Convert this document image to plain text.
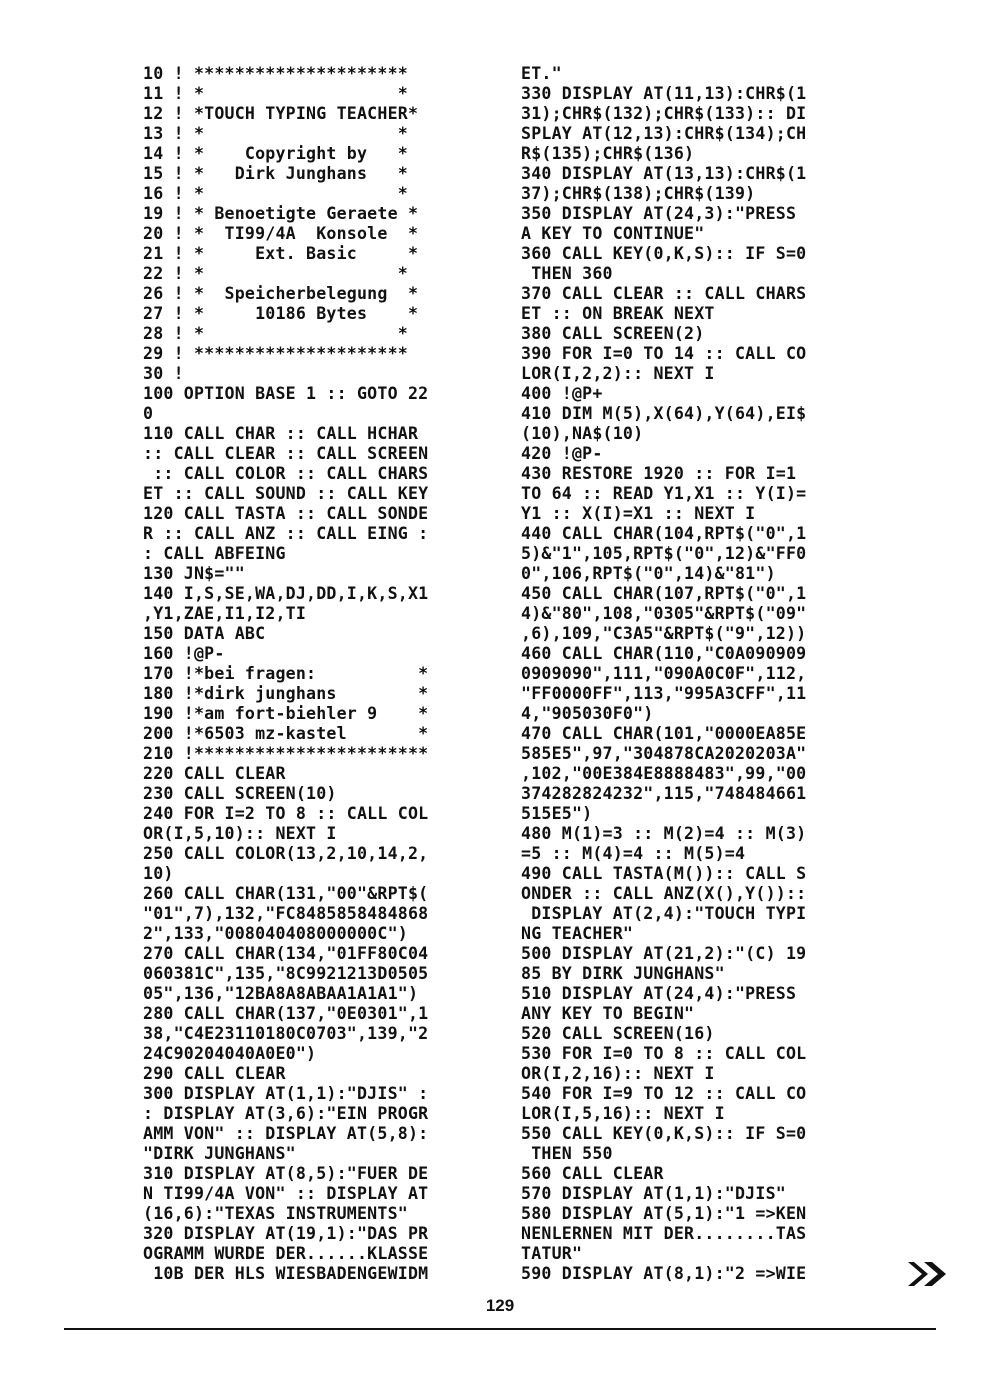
10 ! *********************
11 ! *                   *
12 ! *TOUCH TYPING TEACHER*
13 ! *                   *
14 ! *    Copyright by   *
15 ! *   Dirk Junghans   *
16 ! *                   *
19 ! * Benoetigte Geraete *
20 ! *  TI99/4A  Konsole  *
21 ! *     Ext. Basic     *
22 ! *                   *
26 ! *  Speicherbelegung  *
27 ! *     10186 Bytes    *
28 ! *                   *
29 ! *********************
30 !
100 OPTION BASE 1 :: GOTO 22
0
110 CALL CHAR :: CALL HCHAR
:: CALL CLEAR :: CALL SCREEN
:: CALL COLOR :: CALL CHARS
ET :: CALL SOUND :: CALL KEY
120 CALL TASTA :: CALL SONDE
R :: CALL ANZ :: CALL EING :
: CALL ABFEING
130 JN$=""
140 I,S,SE,WA,DJ,DD,I,K,S,X1
,Y1,ZAE,I1,I2,TI
150 DATA ABC
160 !@P-
170 !*bei fragen:          *
180 !*dirk junghans        *
190 !*am fort-biehler 9    *
200 !*6503 mz-kastel       *
210 !***********************
220 CALL CLEAR
230 CALL SCREEN(10)
240 FOR I=2 TO 8 :: CALL COL
OR(I,5,10):: NEXT I
250 CALL COLOR(13,2,10,14,2,
10)
260 CALL CHAR(131,"00"&RPT$(
"01",7),132,"FC8485858484868
2",133,"008040408000000C")
270 CALL CHAR(134,"01FF80C04
060381C",135,"8C9921213D0505
05",136,"12BA8A8ABAA1A1A1")
280 CALL CHAR(137,"0E0301",1
38,"C4E23110180C0703",139,"2
24C90204040A0E0")
290 CALL CLEAR
300 DISPLAY AT(1,1):"DJIS" :
: DISPLAY AT(3,6):"EIN PROGR
AMM VON" :: DISPLAY AT(5,8):
"DIRK JUNGHANS"
310 DISPLAY AT(8,5):"FUER DE
N TI99/4A VON" :: DISPLAY AT
(16,6):"TEXAS INSTRUMENTS"
320 DISPLAY AT(19,1):"DAS PR
OGRAMM WURDE DER......KLASSE
10B DER HLS WIESBADENGEWIDM
ET."
330 DISPLAY AT(11,13):CHR$(1
31);CHR$(132);CHR$(133):: DI
SPLAY AT(12,13):CHR$(134);CH
R$(135);CHR$(136)
340 DISPLAY AT(13,13):CHR$(1
37);CHR$(138);CHR$(139)
350 DISPLAY AT(24,3):"PRESS
A KEY TO CONTINUE"
360 CALL KEY(0,K,S):: IF S=0
THEN 360
370 CALL CLEAR :: CALL CHARS
ET :: ON BREAK NEXT
380 CALL SCREEN(2)
390 FOR I=0 TO 14 :: CALL CO
LOR(I,2,2):: NEXT I
400 !@P+
410 DIM M(5),X(64),Y(64),EI$
(10),NA$(10)
420 !@P-
430 RESTORE 1920 :: FOR I=1
TO 64 :: READ Y1,X1 :: Y(I)=
Y1 :: X(I)=X1 :: NEXT I
440 CALL CHAR(104,RPT$("0",1
5)&"1",105,RPT$("0",12)&"FF0
0",106,RPT$("0",14)&"81")
450 CALL CHAR(107,RPT$("0",1
4)&"80",108,"0305"&RPT$("09"
,6),109,"C3A5"&RPT$("9",12))
460 CALL CHAR(110,"C0A090909
0909090",111,"090A0C0F",112,
"FF0000FF",113,"995A3CFF",11
4,"905030F0")
470 CALL CHAR(101,"0000EA85E
585E5",97,"304878CA2020203A"
,102,"00E384E8888483",99,"00
374282824232",115,"748484661
515E5")
480 M(1)=3 :: M(2)=4 :: M(3)
=5 :: M(4)=4 :: M(5)=4
490 CALL TASTA(M()):: CALL S
ONDER :: CALL ANZ(X(),Y())::
DISPLAY AT(2,4):"TOUCH TYPI
NG TEACHER"
500 DISPLAY AT(21,2):"(C) 19
85 BY DIRK JUNGHANS"
510 DISPLAY AT(24,4):"PRESS
ANY KEY TO BEGIN"
520 CALL SCREEN(16)
530 FOR I=0 TO 8 :: CALL COL
OR(I,2,16):: NEXT I
540 FOR I=9 TO 12 :: CALL CO
LOR(I,5,16):: NEXT I
550 CALL KEY(0,K,S):: IF S=0
THEN 550
560 CALL CLEAR
570 DISPLAY AT(1,1):"DJIS"
580 DISPLAY AT(5,1):"1 =>KEN
NENLERNEN MIT DER........TAS
TATUR"
590 DISPLAY AT(8,1):"2 =>WIE
129
